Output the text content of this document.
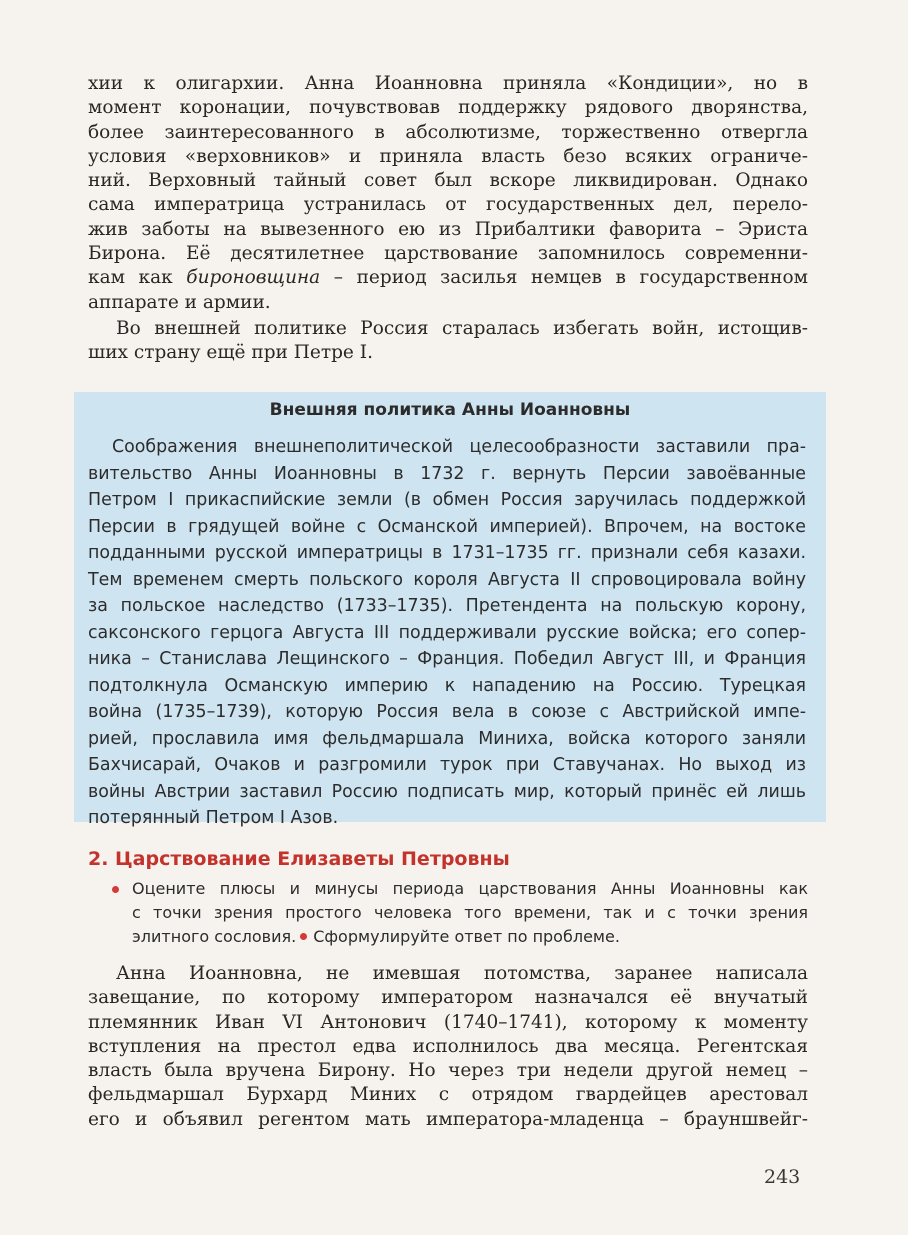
хии к олигархии. Анна Иоанновна приняла «Кондиции», но в
момент коронации, почувствовав поддержку рядового дворянства,
более заинтересованного в абсолютизме, торжественно отвергла
условия «верховников» и приняла власть безо всяких ограниче-
ний. Верховный тайный совет был вскоре ликвидирован. Однако
сама императрица устранилась от государственных дел, перело-
жив заботы на вывезенного ею из Прибалтики фаворита – Эриста
Бирона. Её десятилетнее царствование запомнилось современни-
кам как бироновщина – период засилья немцев в государственном
аппарате и армии.
Во внешней политике Россия старалась избегать войн, истощив-
ших страну ещё при Петре I.
Внешняя политика Анны Иоанновны
Соображения внешнеполитической целесообразности заставили пра-
вительство Анны Иоанновны в 1732 г. вернуть Персии завоёванные
Петром I прикаспийские земли (в обмен Россия заручилась поддержкой
Персии в грядущей войне с Османской империей). Впрочем, на востоке
подданными русской императрицы в 1731–1735 гг. признали себя казахи.
Тем временем смерть польского короля Августа II спровоцировала войну
за польское наследство (1733–1735). Претендента на польскую корону,
саксонского герцога Августа III поддерживали русские войска; его сопер-
ника – Станислава Лещинского – Франция. Победил Август III, и Франция
подтолкнула Османскую империю к нападению на Россию. Турецкая
война (1735–1739), которую Россия вела в союзе с Австрийской импе-
рией, прославила имя фельдмаршала Миниха, войска которого заняли
Бахчисарай, Очаков и разгромили турок при Ставучанах. Но выход из
войны Австрии заставил Россию подписать мир, который принёс ей лишь
потерянный Петром I Азов.
2. Царствование Елизаветы Петровны
Оцените плюсы и минусы периода царствования Анны Иоанновны как
с точки зрения простого человека того времени, так и с точки зрения
элитного сословия. Сформулируйте ответ по проблеме.
Анна Иоанновна, не имевшая потомства, заранее написала
завещание, по которому императором назначался её внучатый
племянник Иван VI Антонович (1740–1741), которому к моменту
вступления на престол едва исполнилось два месяца. Регентская
власть была вручена Бирону. Но через три недели другой немец –
фельдмаршал Бурхард Миних с отрядом гвардейцев арестовал
его и объявил регентом мать императора-младенца – брауншвейг-
243
